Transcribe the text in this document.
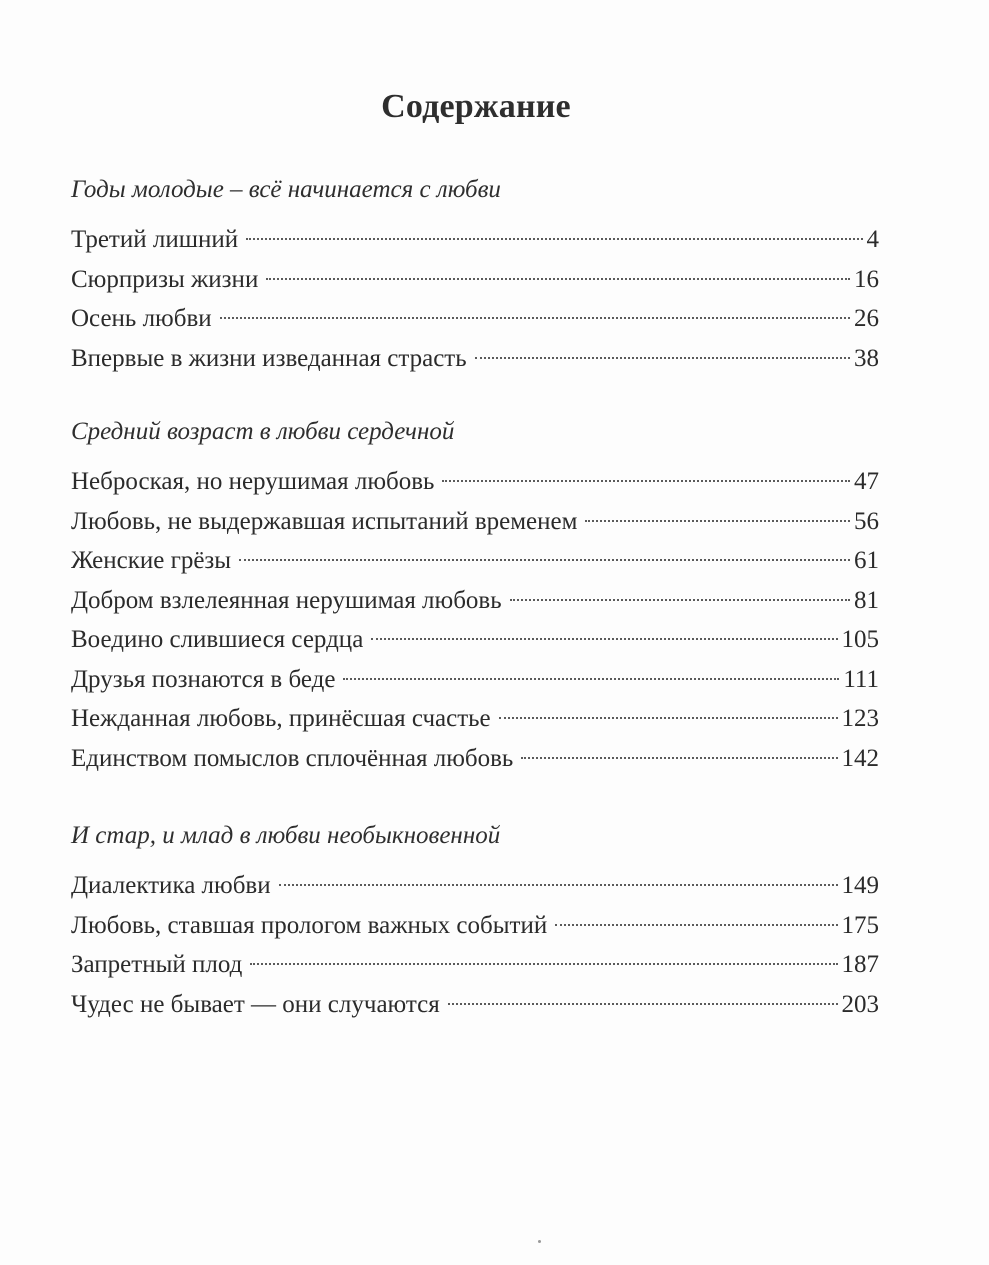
Содержание
Годы молодые – всё начинается с любви
Третий лишний	4
Сюрпризы жизни	16
Осень любви	26
Впервые в жизни изведанная страсть	38
Средний возраст в любви сердечной
Неброская, но нерушимая любовь	47
Любовь, не выдержавшая испытаний временем	56
Женские грёзы	61
Добром взлелеянная нерушимая любовь	81
Воедино слившиеся сердца	105
Друзья познаются в беде	111
Нежданная любовь, принёсшая счастье	123
Единством помыслов сплочённая любовь	142
И стар, и млад в любви необыкновенной
Диалектика любви	149
Любовь, ставшая прологом важных событий	175
Запретный плод	187
Чудес не бывает — они случаются	203
